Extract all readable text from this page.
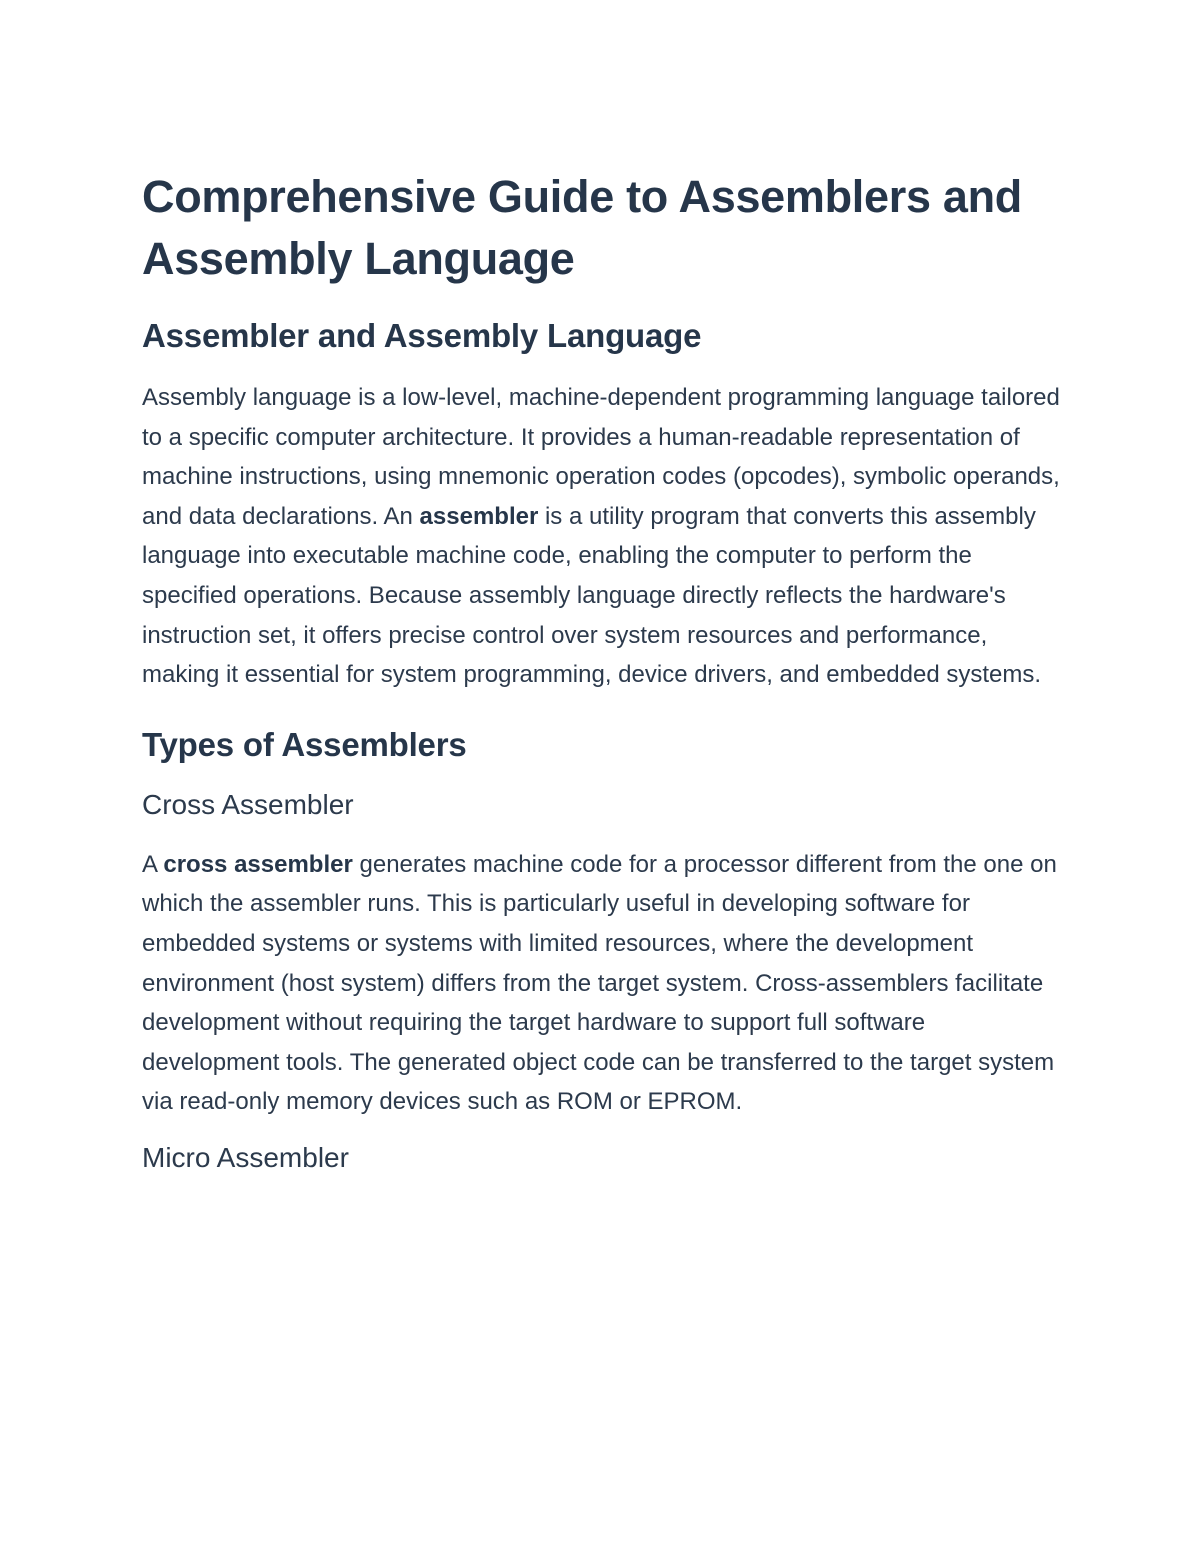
Comprehensive Guide to Assemblers and Assembly Language
Assembler and Assembly Language

Assembly language is a low-level, machine-dependent programming language tailored to a specific computer architecture. It provides a human-readable representation of machine instructions, using mnemonic operation codes (opcodes), symbolic operands, and data declarations. An assembler is a utility program that converts this assembly language into executable machine code, enabling the computer to perform the specified operations. Because assembly language directly reflects the hardware's instruction set, it offers precise control over system resources and performance, making it essential for system programming, device drivers, and embedded systems.

Types of Assemblers
Cross Assembler

A cross assembler generates machine code for a processor different from the one on which the assembler runs. This is particularly useful in developing software for embedded systems or systems with limited resources, where the development environment (host system) differs from the target system. Cross-assemblers facilitate development without requiring the target hardware to support full software development tools. The generated object code can be transferred to the target system via read-only memory devices such as ROM or EPROM.

Micro Assembler
